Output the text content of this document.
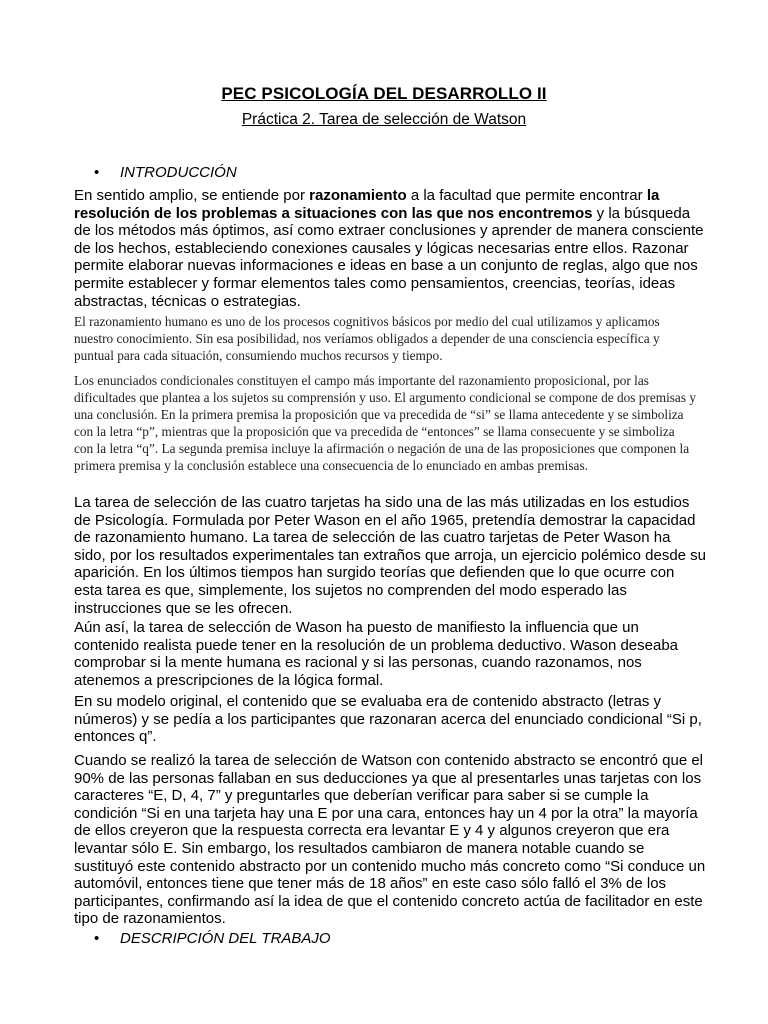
PEC PSICOLOGÍA DEL DESARROLLO II
Práctica 2. Tarea de selección de Watson
• INTRODUCCIÓN
En sentido amplio, se entiende por razonamiento a la facultad que permite encontrar la resolución de los problemas a situaciones con las que nos encontremos y la búsqueda de los métodos más óptimos, así como extraer conclusiones y aprender de manera consciente de los hechos, estableciendo conexiones causales y lógicas necesarias entre ellos. Razonar permite elaborar nuevas informaciones e ideas en base a un conjunto de reglas, algo que nos permite establecer y formar elementos tales como pensamientos, creencias, teorías, ideas abstractas, técnicas o estrategias.
El razonamiento humano es uno de los procesos cognitivos básicos por medio del cual utilizamos y aplicamos nuestro conocimiento. Sin esa posibilidad, nos veríamos obligados a depender de una consciencia específica y puntual para cada situación, consumiendo muchos recursos y tiempo.
Los enunciados condicionales constituyen el campo más importante del razonamiento proposicional, por las dificultades que plantea a los sujetos su comprensión y uso. El argumento condicional se compone de dos premisas y una conclusión. En la primera premisa la proposición que va precedida de “si” se llama antecedente y se simboliza con la letra “p”, mientras que la proposición que va precedida de “entonces” se llama consecuente y se simboliza con la letra “q”. La segunda premisa incluye la afirmación o negación de una de las proposiciones que componen la primera premisa y la conclusión establece una consecuencia de lo enunciado en ambas premisas.
La tarea de selección de las cuatro tarjetas ha sido una de las más utilizadas en los estudios de Psicología. Formulada por Peter Wason en el año 1965, pretendía demostrar la capacidad de razonamiento humano. La tarea de selección de las cuatro tarjetas de Peter Wason ha sido, por los resultados experimentales tan extraños que arroja, un ejercicio polémico desde su aparición. En los últimos tiempos han surgido teorías que defienden que lo que ocurre con esta tarea es que, simplemente, los sujetos no comprenden del modo esperado las instrucciones que se les ofrecen.
Aún así, la tarea de selección de Wason ha puesto de manifiesto la influencia que un contenido realista puede tener en la resolución de un problema deductivo. Wason deseaba comprobar si la mente humana es racional y si las personas, cuando razonamos, nos atenemos a prescripciones de la lógica formal.
En su modelo original, el contenido que se evaluaba era de contenido abstracto (letras y números) y se pedía a los participantes que razonaran acerca del enunciado condicional “Si p, entonces q”.
Cuando se realizó la tarea de selección de Watson con contenido abstracto se encontró que el 90% de las personas fallaban en sus deducciones ya que al presentarles unas tarjetas con los caracteres “E, D, 4, 7” y preguntarles que deberían verificar para saber si se cumple la condición “Si en una tarjeta hay una E por una cara, entonces hay un 4 por la otra” la mayoría de ellos creyeron que la respuesta correcta era levantar E y 4 y algunos creyeron que era levantar sólo E. Sin embargo, los resultados cambiaron de manera notable cuando se sustituyó este contenido abstracto por un contenido mucho más concreto como “Si conduce un automóvil, entonces tiene que tener más de 18 años” en este caso sólo falló el 3% de los participantes, confirmando así la idea de que el contenido concreto actúa de facilitador en este tipo de razonamientos.
• DESCRIPCIÓN DEL TRABAJO
